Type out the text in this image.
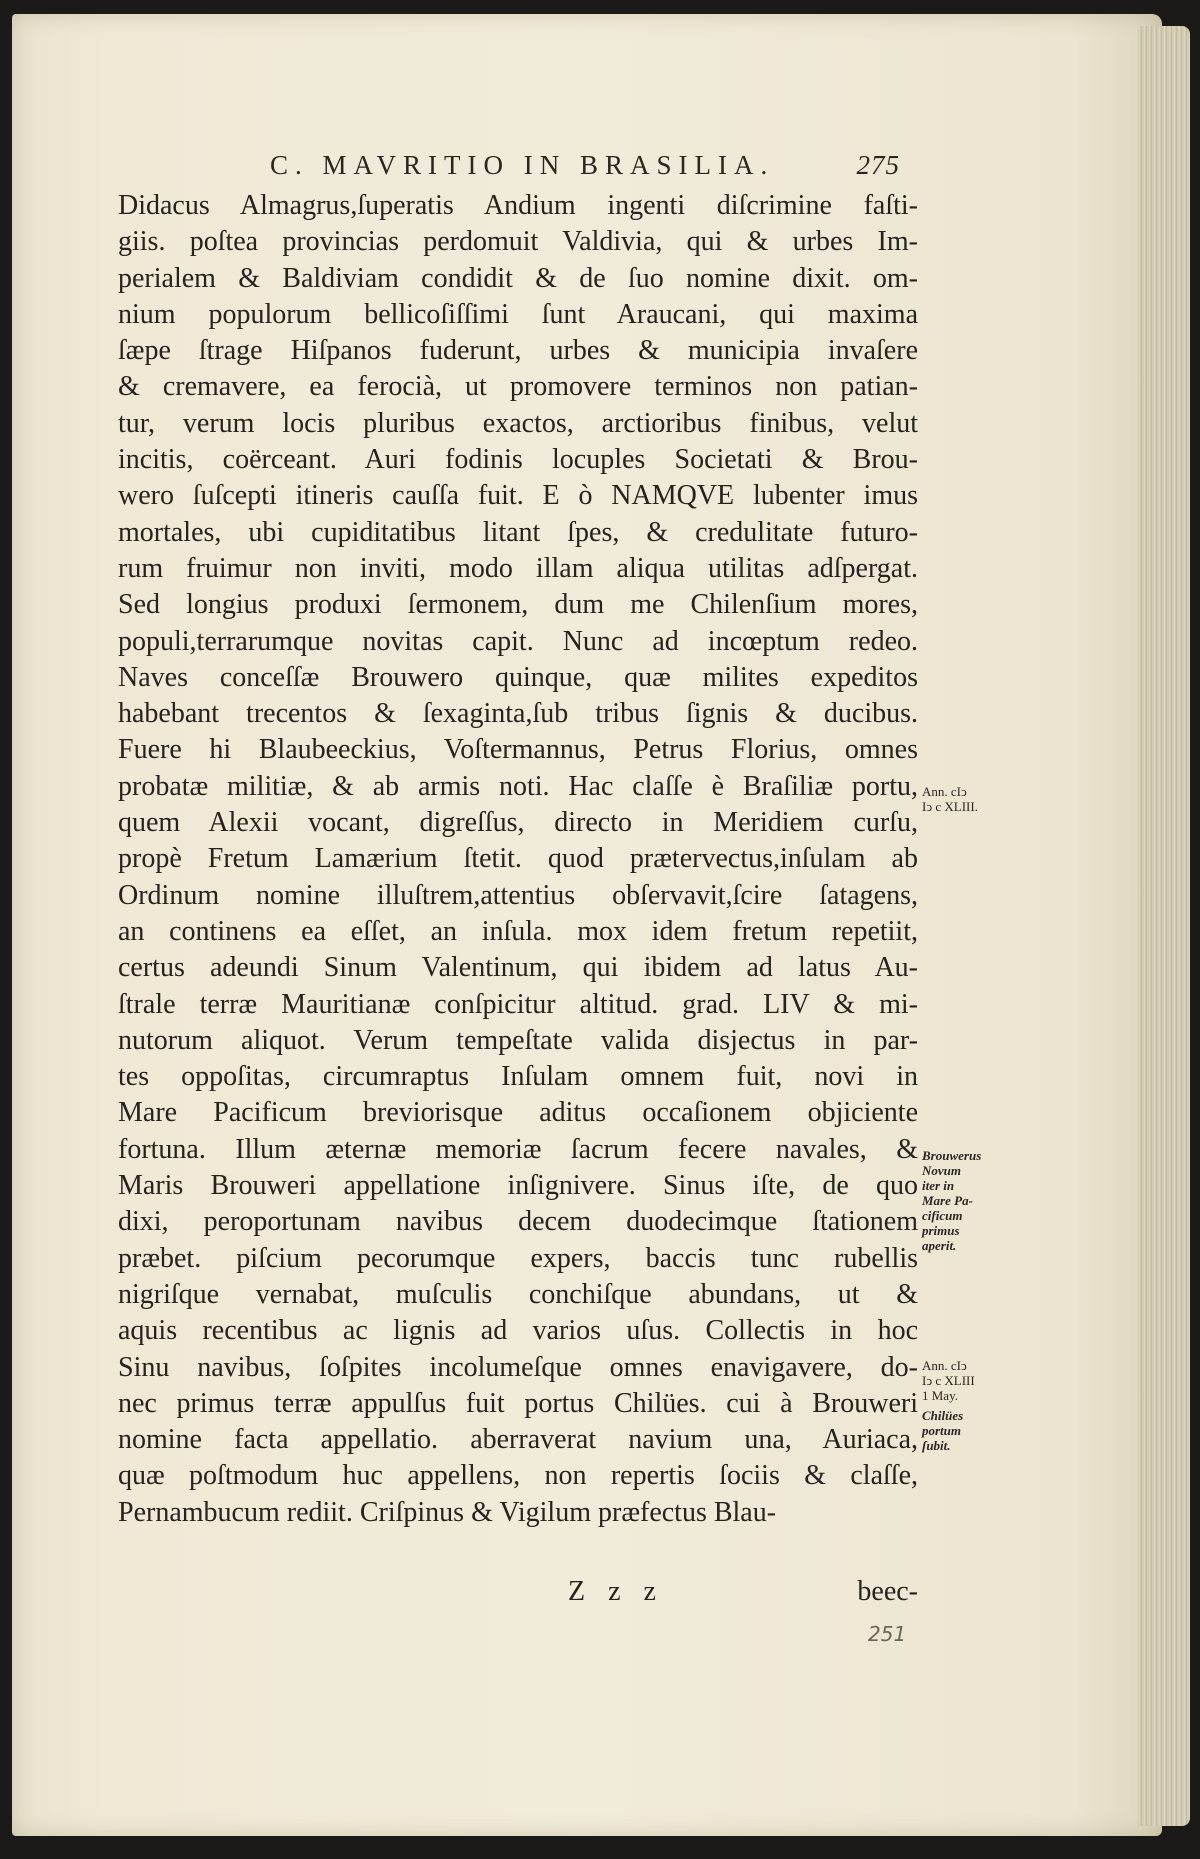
C. MAVRITIO IN BRASILIA.	275
Didacus Almagrus,ſuperatis Andium ingenti diſcrimine faſti-
giis. poſtea provincias perdomuit Valdivia, qui & urbes Im-
perialem & Baldiviam condidit & de ſuo nomine dixit. om-
nium populorum bellicoſiſſimi ſunt Araucani, qui maxima
ſæpe ſtrage Hiſpanos fuderunt, urbes & municipia invaſere
& cremavere, ea ferocià, ut promovere terminos non patian-
tur, verum locis pluribus exactos, arctioribus finibus, velut
incitis, coërceant. Auri fodinis locuples Societati & Brou-
wero ſuſcepti itineris cauſſa fuit. E ò NAMQVE lubenter imus
mortales, ubi cupiditatibus litant ſpes, & credulitate futuro-
rum fruimur non inviti, modo illam aliqua utilitas adſpergat.
Sed longius produxi ſermonem, dum me Chilenſium mores,
populi,terrarumque novitas capit. Nunc ad incœptum redeo.
Naves conceſſæ Brouwero quinque, quæ milites expeditos
habebant trecentos & ſexaginta,ſub tribus ſignis & ducibus.
Fuere hi Blaubeeckius, Voſtermannus, Petrus Florius, omnes
probatæ militiæ, & ab armis noti. Hac claſſe è Braſiliæ portu,
quem Alexii vocant, digreſſus, directo in Meridiem curſu,
propè Fretum Lamærium ſtetit. quod prætervectus,inſulam ab
Ordinum nomine illuſtrem,attentius obſervavit,ſcire ſatagens,
an continens ea eſſet, an inſula. mox idem fretum repetiit,
certus adeundi Sinum Valentinum, qui ibidem ad latus Au-
ſtrale terræ Mauritianæ conſpicitur altitud. grad. LIV & mi-
nutorum aliquot. Verum tempeſtate valida disjectus in par-
tes oppoſitas, circumraptus Inſulam omnem fuit, novi in
Mare Pacificum breviorisque aditus occaſionem objiciente
fortuna. Illum æternæ memoriæ ſacrum fecere navales, &
Maris Brouweri appellatione inſignivere. Sinus iſte, de quo
dixi, peroportunam navibus decem duodecimque ſtationem
præbet. piſcium pecorumque expers, baccis tunc rubellis
nigriſque vernabat, muſculis conchiſque abundans, ut &
aquis recentibus ac lignis ad varios uſus. Collectis in hoc
Sinu navibus, ſoſpites incolumeſque omnes enavigavere, do-
nec primus terræ appulſus fuit portus Chilües. cui à Brouweri
nomine facta appellatio. aberraverat navium una, Auriaca,
quæ poſtmodum huc appellens, non repertis ſociis & claſſe,
Pernambucum rediit. Criſpinus & Vigilum præfectus Blau-
Z z z	beec-
251
Ann. cIↄ
Iↄ c XLIII.
Brouwerus
Novum
iter in
Mare Pa-
cificum
primus
aperit.
Ann. cIↄ
Iↄ c XLIII
1 May.
Chilües
portum
ſubit.
